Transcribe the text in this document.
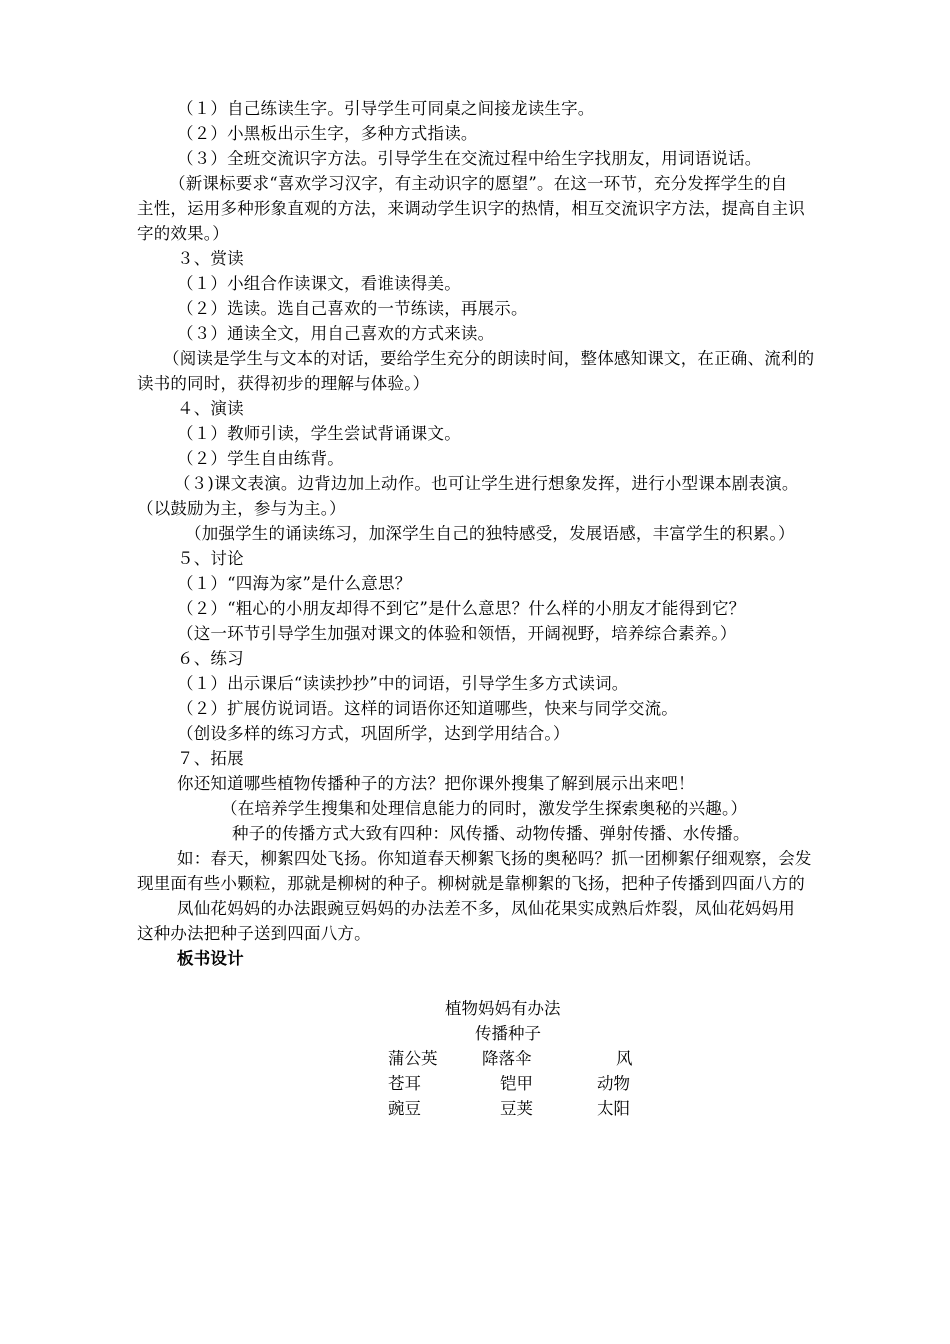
（１）自己练读生字。引导学生可同桌之间接龙读生字。
（２）小黑板出示生字，多种方式指读。
（３）全班交流识字方法。引导学生在交流过程中给生字找朋友，用词语说话。
（新课标要求“喜欢学习汉字，有主动识字的愿望”。在这一环节，充分发挥学生的自
主性，运用多种形象直观的方法，来调动学生识字的热情，相互交流识字方法，提高自主识
字的效果。）
３、赏读
（１）小组合作读课文，看谁读得美。
（２）选读。选自己喜欢的一节练读，再展示。
（３）通读全文，用自己喜欢的方式来读。
（阅读是学生与文本的对话，要给学生充分的朗读时间，整体感知课文，在正确、流利的
读书的同时，获得初步的理解与体验。）
４、演读
（１）教师引读，学生尝试背诵课文。
（２）学生自由练背。
（３)课文表演。边背边加上动作。也可让学生进行想象发挥，进行小型课本剧表演。
（以鼓励为主，参与为主。）
（加强学生的诵读练习，加深学生自己的独特感受，发展语感，丰富学生的积累。）
５、讨论
（１）“四海为家”是什么意思？
（２）“粗心的小朋友却得不到它”是什么意思？什么样的小朋友才能得到它？
（这一环节引导学生加强对课文的体验和领悟，开阔视野，培养综合素养。）
６、练习
（１）出示课后“读读抄抄”中的词语，引导学生多方式读词。
（２）扩展仿说词语。这样的词语你还知道哪些，快来与同学交流。
（创设多样的练习方式，巩固所学，达到学用结合。）
７、拓展
你还知道哪些植物传播种子的方法？把你课外搜集了解到展示出来吧！
（在培养学生搜集和处理信息能力的同时，激发学生探索奥秘的兴趣。）
种子的传播方式大致有四种：风传播、动物传播、弹射传播、水传播。
如：春天，柳絮四处飞扬。你知道春天柳絮飞扬的奥秘吗？抓一团柳絮仔细观察，会发
现里面有些小颗粒，那就是柳树的种子。柳树就是靠柳絮的飞扬，把种子传播到四面八方的
凤仙花妈妈的办法跟豌豆妈妈的办法差不多，凤仙花果实成熟后炸裂，凤仙花妈妈用
这种办法把种子送到四面八方。
板书设计
植物妈妈有办法
传播种子
蒲公英	降落伞	风
苍耳	铠甲	动物
豌豆	豆荚	太阳
